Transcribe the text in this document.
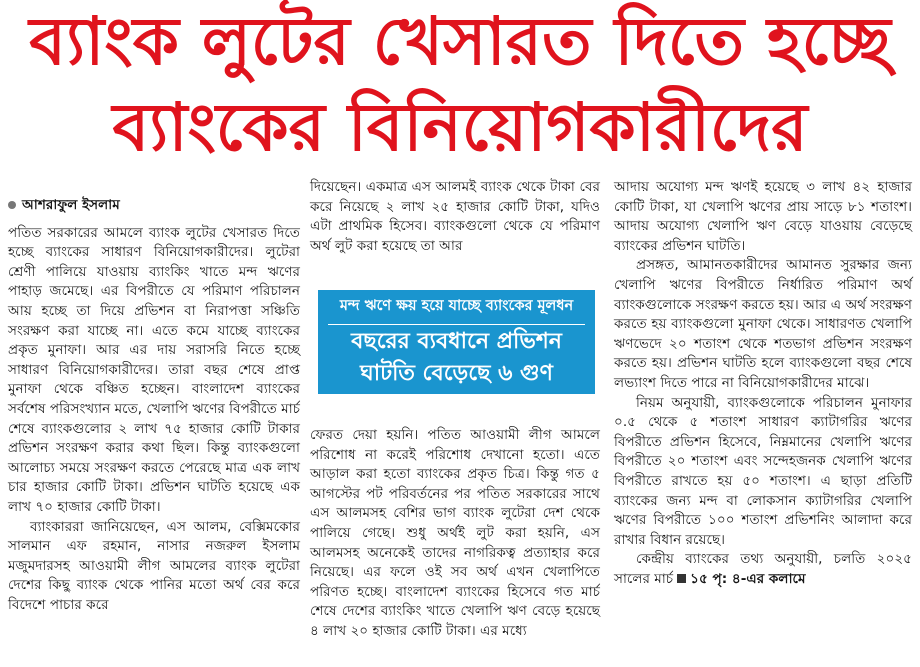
ব্যাংক লুটের খেসারত দিতে হচ্ছে
ব্যাংকের বিনিয়োগকারীদের
আশরাফুল ইসলাম

পতিত সরকারের আমলে ব্যাংক লুটের খেসারত দিতে হচ্ছে ব্যাংকের সাধারণ বিনিয়োগকারীদের। লুটেরা শ্রেণী পালিয়ে যাওয়ায় ব্যাংকিং খাতে মন্দ ঋণের পাহাড় জমেছে। এর বিপরীতে যে পরিমাণ পরিচালন আয় হচ্ছে তা দিয়ে প্রভিশন বা নিরাপত্তা সঞ্চিতি সংরক্ষণ করা যাচ্ছে না। এতে কমে যাচ্ছে ব্যাংকের প্রকৃত মুনাফা। আর এর দায় সরাসরি নিতে হচ্ছে সাধারণ বিনিয়োগকারীদের। তারা বছর শেষে প্রাপ্ত মুনাফা থেকে বঞ্চিত হচ্ছেন। বাংলাদেশ ব্যাংকের সর্বশেষ পরিসংখ্যান মতে, খেলাপি ঋণের বিপরীতে মার্চ শেষে ব্যাংকগুলোর ২ লাখ ৭৫ হাজার কোটি টাকার প্রভিশন সংরক্ষণ করার কথা ছিল। কিন্তু ব্যাংকগুলো আলোচ্য সময়ে সংরক্ষণ করতে পেরেছে মাত্র এক লাখ চার হাজার কোটি টাকা। প্রভিশন ঘাটতি হয়েছে এক লাখ ৭০ হাজার কোটি টাকা।

ব্যাংকাররা জানিয়েছেন, এস আলম, বেক্সিমকোর সালমান এফ রহমান, নাসার নজরুল ইসলাম মজুমদারসহ আওয়ামী লীগ আমলের ব্যাংক লুটেরা দেশের কিছু ব্যাংক থেকে পানির মতো অর্থ বের করে বিদেশে পাচার করে

দিয়েছেন। একমাত্র এস আলমই ব্যাংক থেকে টাকা বের করে নিয়েছে ২ লাখ ২৫ হাজার কোটি টাকা, যদিও এটা প্রাথমিক হিসেব। ব্যাংকগুলো থেকে যে পরিমাণ অর্থ লুট করা হয়েছে তা আর

মন্দ ঋণে ক্ষয় হয়ে যাচ্ছে ব্যাংকের মূলধন
বছরের ব্যবধানে প্রভিশন
ঘাটতি বেড়েছে ৬ গুণ

ফেরত দেয়া হয়নি। পতিত আওয়ামী লীগ আমলে পরিশোধ না করেই পরিশোধ দেখানো হতো। এতে আড়াল করা হতো ব্যাংকের প্রকৃত চিত্র। কিন্তু গত ৫ আগস্টের পট পরিবর্তনের পর পতিত সরকারের সাথে এস আলমসহ বেশির ভাগ ব্যাংক লুটেরা দেশ থেকে পালিয়ে গেছে। শুধু অর্থই লুট করা হয়নি, এস আলমসহ অনেকেই তাদের নাগরিকত্ব প্রত্যাহার করে নিয়েছে। এর ফলে ওই সব অর্থ এখন খেলাপিতে পরিণত হচ্ছে। বাংলাদেশ ব্যাংকের হিসেবে গত মার্চ শেষে দেশের ব্যাংকিং খাতে খেলাপি ঋণ বেড়ে হয়েছে ৪ লাখ ২০ হাজার কোটি টাকা। এর মধ্যে

আদায় অযোগ্য মন্দ ঋণই হয়েছে ৩ লাখ ৪২ হাজার কোটি টাকা, যা খেলাপি ঋণের প্রায় সাড়ে ৮১ শতাংশ। আদায় অযোগ্য খেলাপি ঋণ বেড়ে যাওয়ায় বেড়েছে ব্যাংকের প্রভিশন ঘাটতি।

প্রসঙ্গত, আমানতকারীদের আমানত সুরক্ষার জন্য খেলাপি ঋণের বিপরীতে নির্ধারিত পরিমাণ অর্থ ব্যাংকগুলোকে সংরক্ষণ করতে হয়। আর এ অর্থ সংরক্ষণ করতে হয় ব্যাংকগুলো মুনাফা থেকে। সাধারণত খেলাপি ঋণভেদে ২০ শতাংশ থেকে শতভাগ প্রভিশন সংরক্ষণ করতে হয়। প্রভিশন ঘাটতি হলে ব্যাংকগুলো বছর শেষে লভ্যাংশ দিতে পারে না বিনিয়োগকারীদের মাঝে।

নিয়ম অনুযায়ী, ব্যাংকগুলোকে পরিচালন মুনাফার ০.৫ থেকে ৫ শতাংশ সাধারণ ক্যাটাগরির ঋণের বিপরীতে প্রভিশন হিসেবে, নিম্নমানের খেলাপি ঋণের বিপরীতে ২০ শতাংশ এবং সন্দেহজনক খেলাপি ঋণের বিপরীতে রাখতে হয় ৫০ শতাংশ। এ ছাড়া প্রতিটি ব্যাংকের জন্য মন্দ বা লোকসান ক্যাটাগরির খেলাপি ঋণের বিপরীতে ১০০ শতাংশ প্রভিশনিং আলাদা করে রাখার বিধান রয়েছে।

কেন্দ্রীয় ব্যাংকের তথ্য অনুযায়ী, চলতি ২০২৫ সালের মার্চ ১৫ পৃ: ৪-এর কলামে
